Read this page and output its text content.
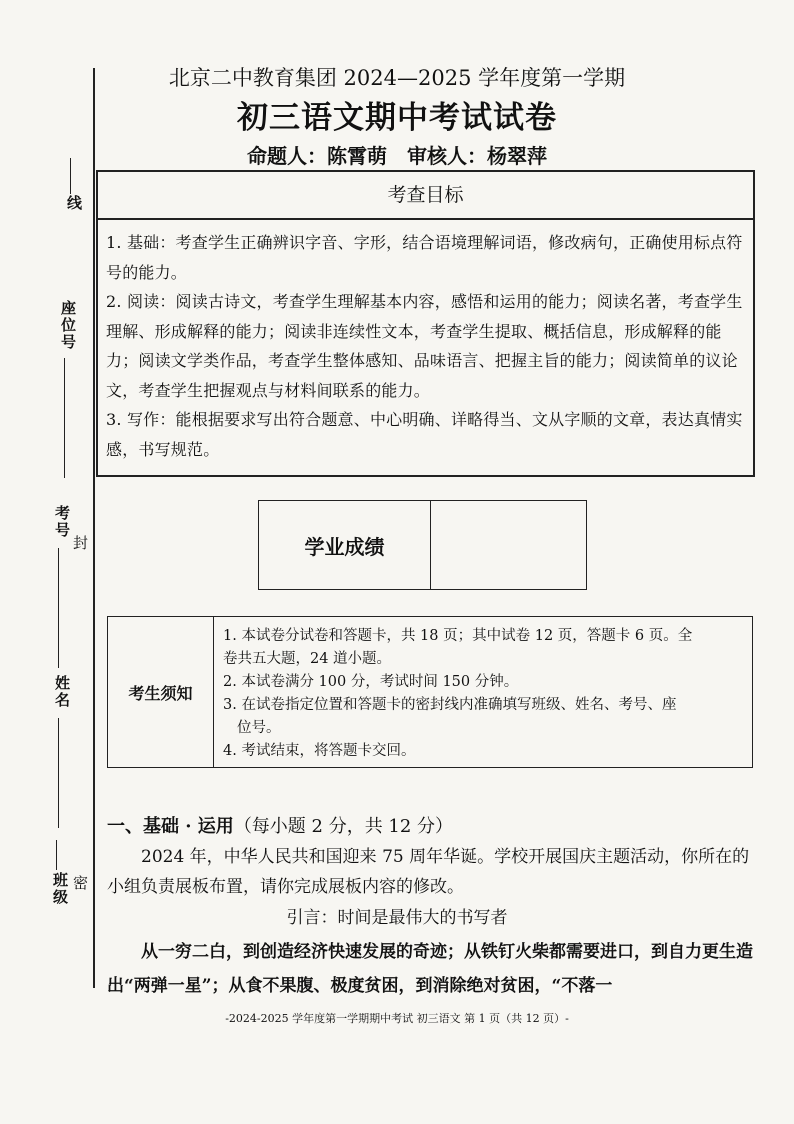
线
座位号
考号
封
姓名
班级 密
北京二中教育集团 2024—2025 学年度第一学期
初三语文期中考试试卷
命题人：陈霄萌　审核人：杨翠萍
考查目标

1. 基础：考查学生正确辨识字音、字形，结合语境理解词语，修改病句，正确使用标点符号的能力。

2. 阅读：阅读古诗文，考查学生理解基本内容，感悟和运用的能力；阅读名著，考查学生理解、形成解释的能力；阅读非连续性文本，考查学生提取、概括信息，形成解释的能力；阅读文学类作品，考查学生整体感知、品味语言、把握主旨的能力；阅读简单的议论文，考查学生把握观点与材料间联系的能力。

3. 写作：能根据要求写出符合题意、中心明确、详略得当、文从字顺的文章，表达真情实感，书写规范。

学业成绩
考生须知

1. 本试卷分试卷和答题卡，共 18 页；其中试卷 12 页，答题卡 6 页。全

卷共五大题，24 道小题。

2. 本试卷满分 100 分，考试时间 150 分钟。

3. 在试卷指定位置和答题卡的密封线内准确填写班级、姓名、考号、座

位号。

4. 考试结束，将答题卡交回。

一、基础 · 运用（每小题 2 分，共 12 分）

2024 年，中华人民共和国迎来 75 周年华诞。学校开展国庆主题活动，你所在的小组负责展板布置，请你完成展板内容的修改。

引言：时间是最伟大的书写者

从一穷二白，到创造经济快速发展的奇迹；从铁钉火柴都需要进口，到自力更生造出“两弹一星”；从食不果腹、极度贫困，到消除绝对贫困，“不落一

-2024-2025 学年度第一学期期中考试 初三语文 第 1 页（共 12 页）-
